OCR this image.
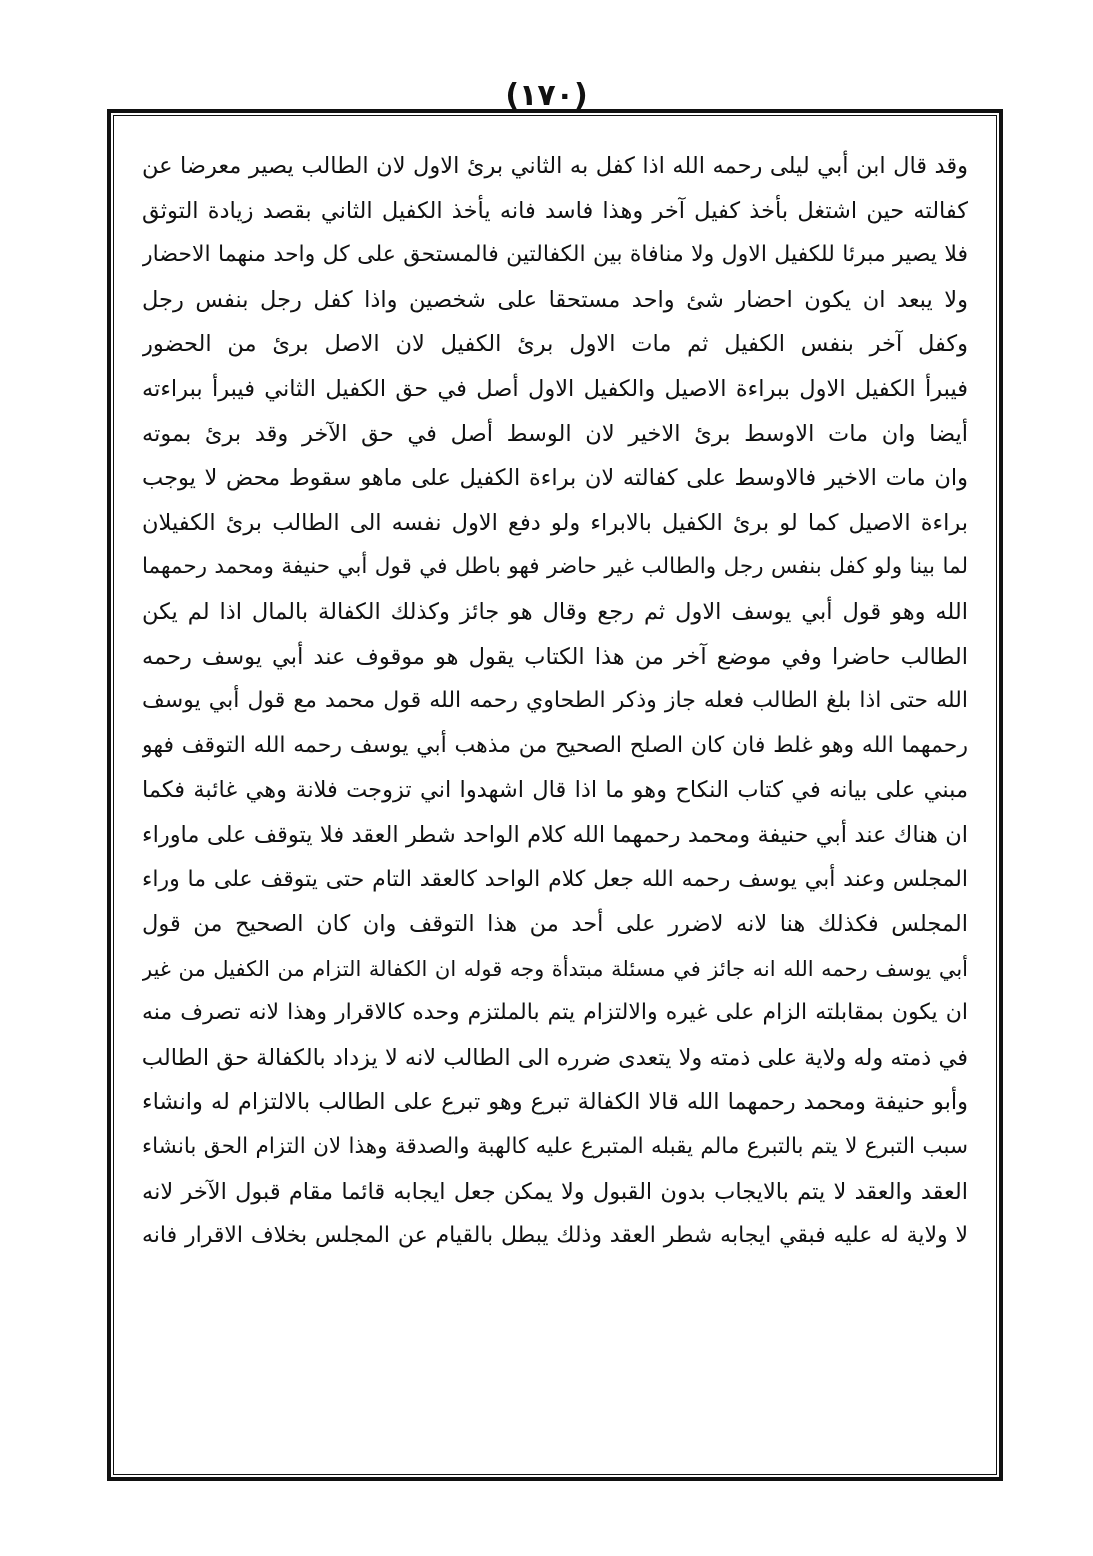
(١٧٠)
وقد قال ابن أبي ليلى رحمه الله اذا كفل به الثاني برئ الاول لان الطالب يصير معرضا عن
كفالته حين اشتغل بأخذ كفيل آخر وهذا فاسد فانه يأخذ الكفيل الثاني بقصد زيادة التوثق
فلا يصير مبرئا للكفيل الاول ولا منافاة بين الكفالتين فالمستحق على كل واحد منهما الاحضار
ولا يبعد ان يكون احضار شئ واحد مستحقا على شخصين واذا كفل رجل بنفس رجل
وكفل آخر بنفس الكفيل ثم مات الاول برئ الكفيل لان الاصل برئ من الحضور
فيبرأ الكفيل الاول ببراءة الاصيل والكفيل الاول أصل في حق الكفيل الثاني فيبرأ ببراءته
أيضا وان مات الاوسط برئ الاخير لان الوسط أصل في حق الآخر وقد برئ بموته
وان مات الاخير فالاوسط على كفالته لان براءة الكفيل على ماهو سقوط محض لا يوجب
براءة الاصيل كما لو برئ الكفيل بالابراء ولو دفع الاول نفسه الى الطالب برئ الكفيلان
لما بينا ولو كفل بنفس رجل والطالب غير حاضر فهو باطل في قول أبي حنيفة ومحمد رحمهما
الله وهو قول أبي يوسف الاول ثم رجع وقال هو جائز وكذلك الكفالة بالمال اذا لم يكن
الطالب حاضرا وفي موضع آخر من هذا الكتاب يقول هو موقوف عند أبي يوسف رحمه
الله حتى اذا بلغ الطالب فعله جاز وذكر الطحاوي رحمه الله قول محمد مع قول أبي يوسف
رحمهما الله وهو غلط فان كان الصلح الصحيح من مذهب أبي يوسف رحمه الله التوقف فهو
مبني على بيانه في كتاب النكاح وهو ما اذا قال اشهدوا اني تزوجت فلانة وهي غائبة فكما
ان هناك عند أبي حنيفة ومحمد رحمهما الله كلام الواحد شطر العقد فلا يتوقف على ماوراء
المجلس وعند أبي يوسف رحمه الله جعل كلام الواحد كالعقد التام حتى يتوقف على ما وراء
المجلس فكذلك هنا لانه لاضرر على أحد من هذا التوقف وان كان الصحيح من قول
أبي يوسف رحمه الله انه جائز في مسئلة مبتدأة وجه قوله ان الكفالة التزام من الكفيل من غير
ان يكون بمقابلته الزام على غيره والالتزام يتم بالملتزم وحده كالاقرار وهذا لانه تصرف منه
في ذمته وله ولاية على ذمته ولا يتعدى ضرره الى الطالب لانه لا يزداد بالكفالة حق الطالب
وأبو حنيفة ومحمد رحمهما الله قالا الكفالة تبرع وهو تبرع على الطالب بالالتزام له وانشاء
سبب التبرع لا يتم بالتبرع مالم يقبله المتبرع عليه كالهبة والصدقة وهذا لان التزام الحق بانشاء
العقد والعقد لا يتم بالايجاب بدون القبول ولا يمكن جعل ايجابه قائما مقام قبول الآخر لانه
لا ولاية له عليه فبقي ايجابه شطر العقد وذلك يبطل بالقيام عن المجلس بخلاف الاقرار فانه
